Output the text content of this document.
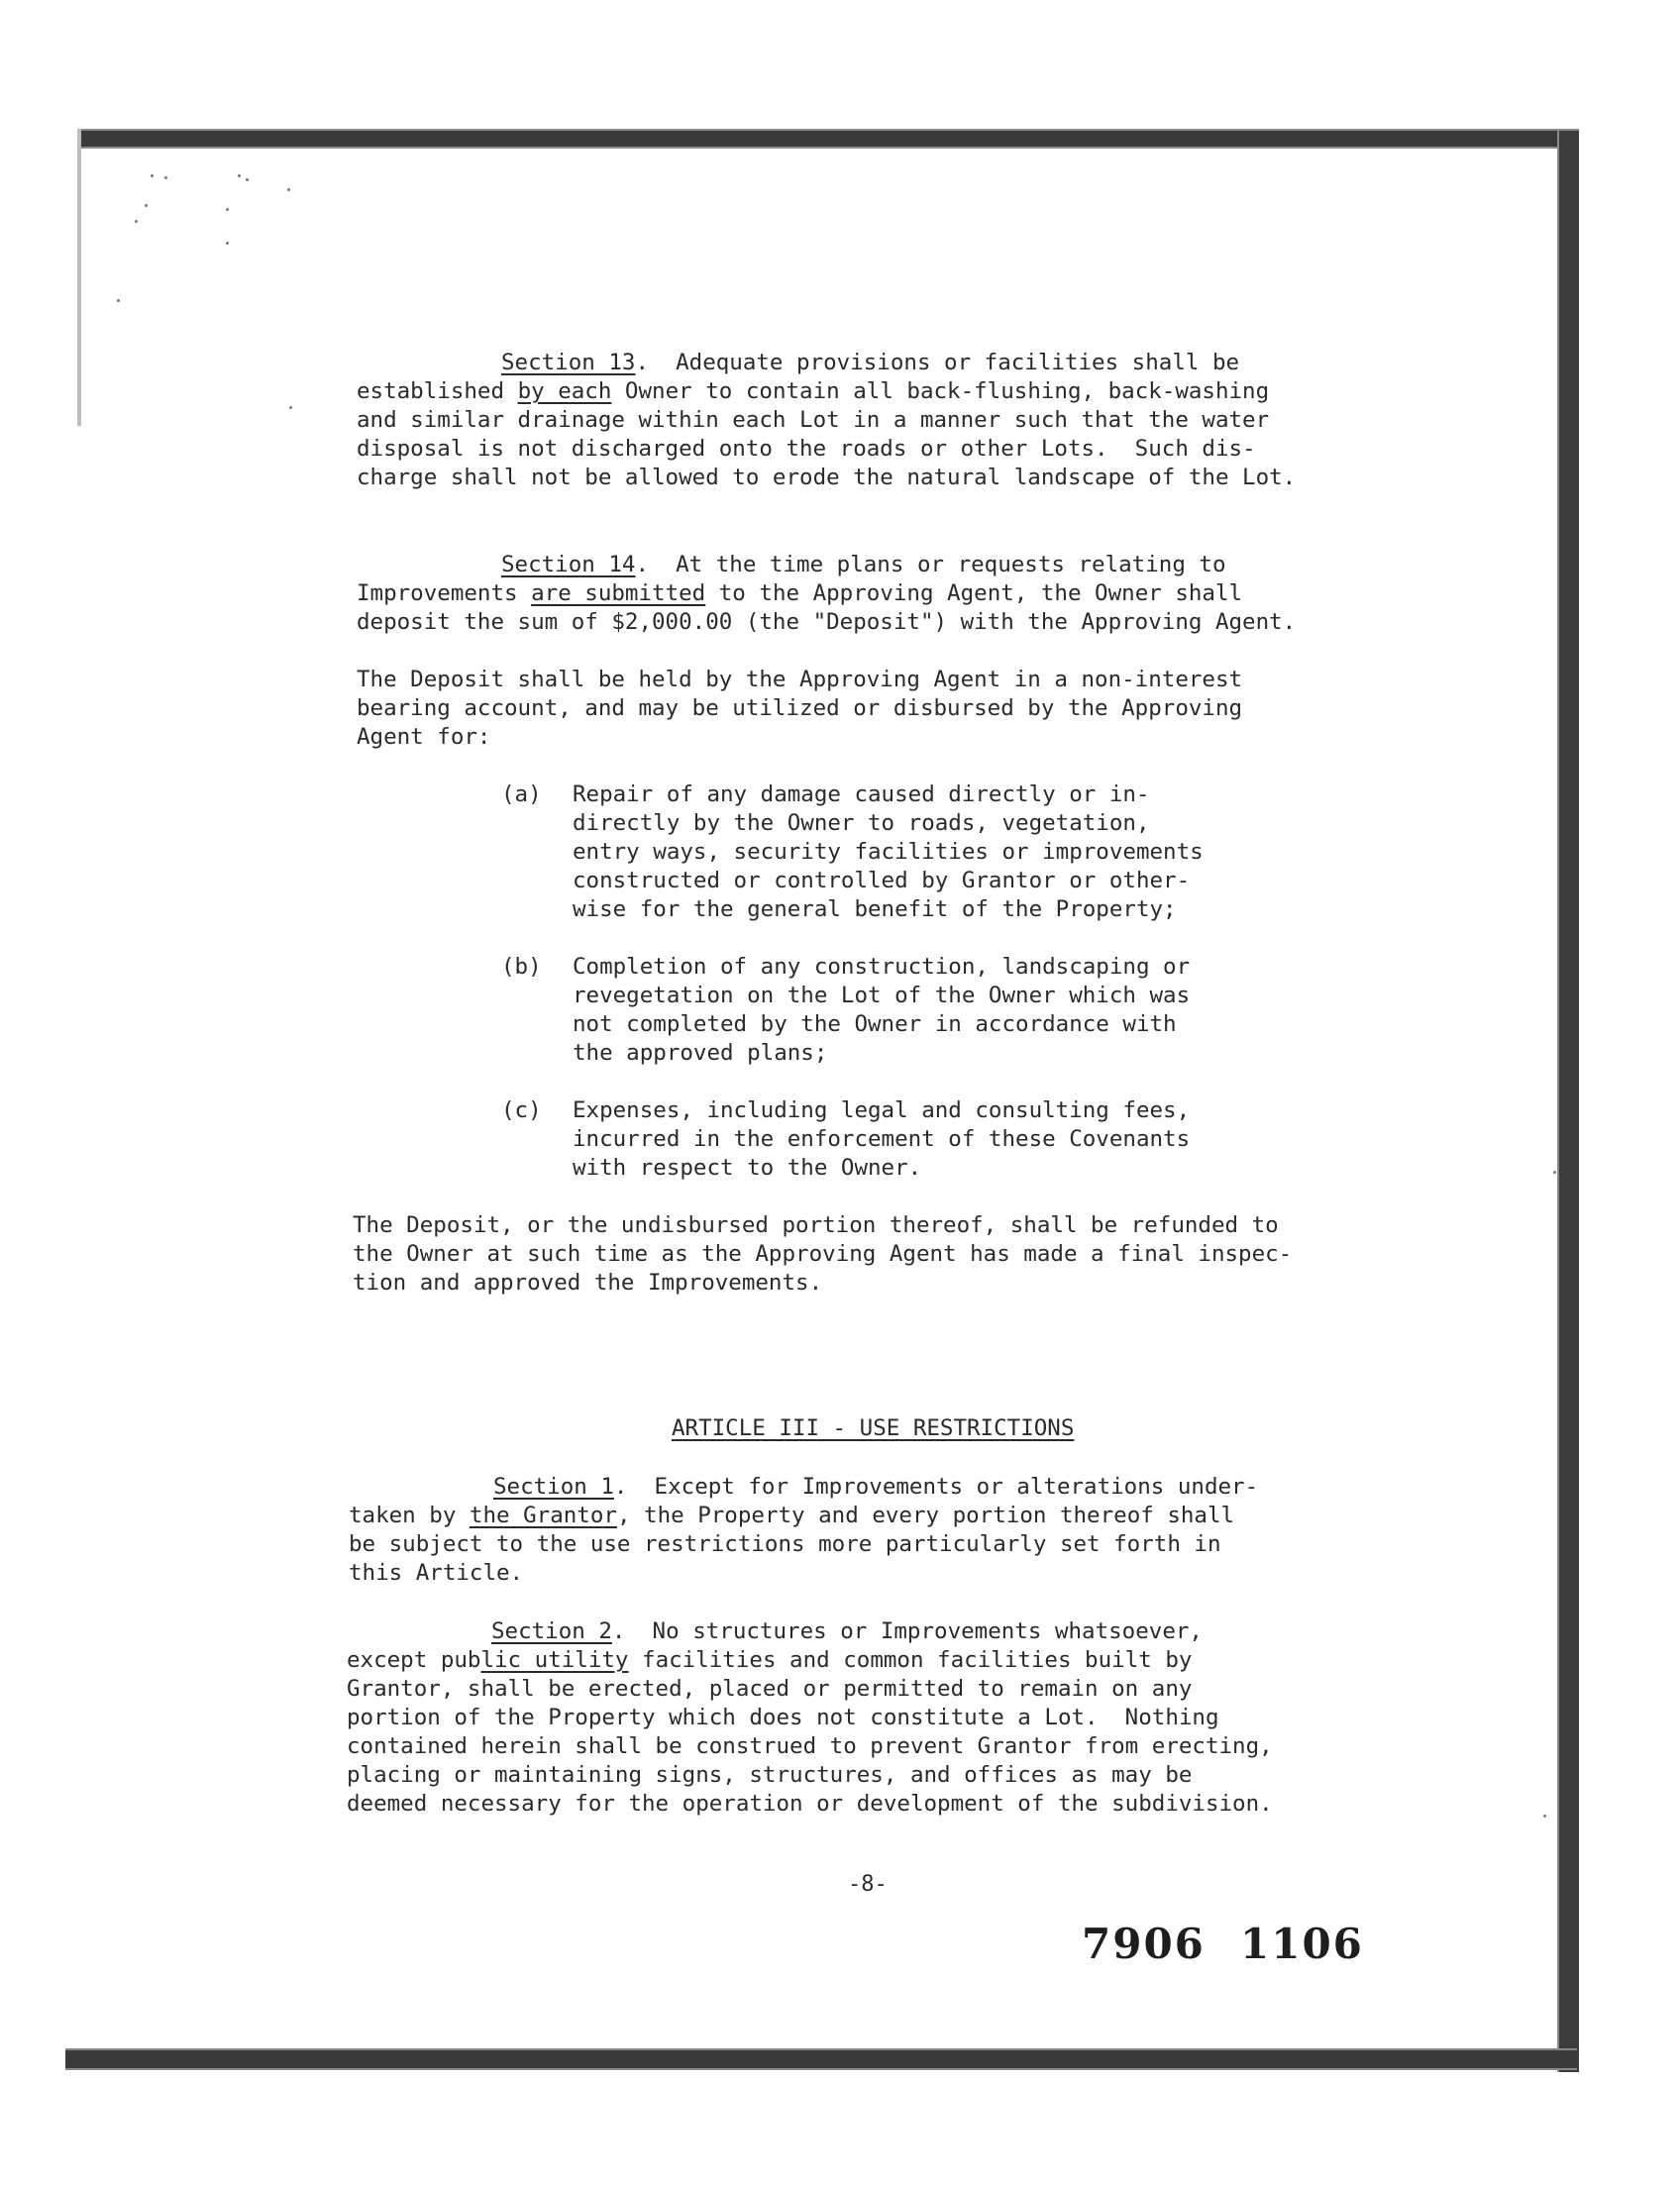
Section 13.  Adequate provisions or facilities shall be
established by each Owner to contain all back-flushing, back-washing
and similar drainage within each Lot in a manner such that the water
disposal is not discharged onto the roads or other Lots.  Such dis-
charge shall not be allowed to erode the natural landscape of the Lot.
Section 14.  At the time plans or requests relating to
Improvements are submitted to the Approving Agent, the Owner shall
deposit the sum of $2,000.00 (the "Deposit") with the Approving Agent.
The Deposit shall be held by the Approving Agent in a non-interest
bearing account, and may be utilized or disbursed by the Approving
Agent for:
(a) Repair of any damage caused directly or in-
directly by the Owner to roads, vegetation,
entry ways, security facilities or improvements
constructed or controlled by Grantor or other-
wise for the general benefit of the Property;
(b) Completion of any construction, landscaping or
revegetation on the Lot of the Owner which was
not completed by the Owner in accordance with
the approved plans;
(c) Expenses, including legal and consulting fees,
incurred in the enforcement of these Covenants
with respect to the Owner.
The Deposit, or the undisbursed portion thereof, shall be refunded to
the Owner at such time as the Approving Agent has made a final inspec-
tion and approved the Improvements.
ARTICLE III - USE RESTRICTIONS
Section 1.  Except for Improvements or alterations under-
taken by the Grantor, the Property and every portion thereof shall
be subject to the use restrictions more particularly set forth in
this Article.
Section 2.  No structures or Improvements whatsoever,
except public utility facilities and common facilities built by
Grantor, shall be erected, placed or permitted to remain on any
portion of the Property which does not constitute a Lot.  Nothing
contained herein shall be construed to prevent Grantor from erecting,
placing or maintaining signs, structures, and offices as may be
deemed necessary for the operation or development of the subdivision.
-8-
7906 1106
